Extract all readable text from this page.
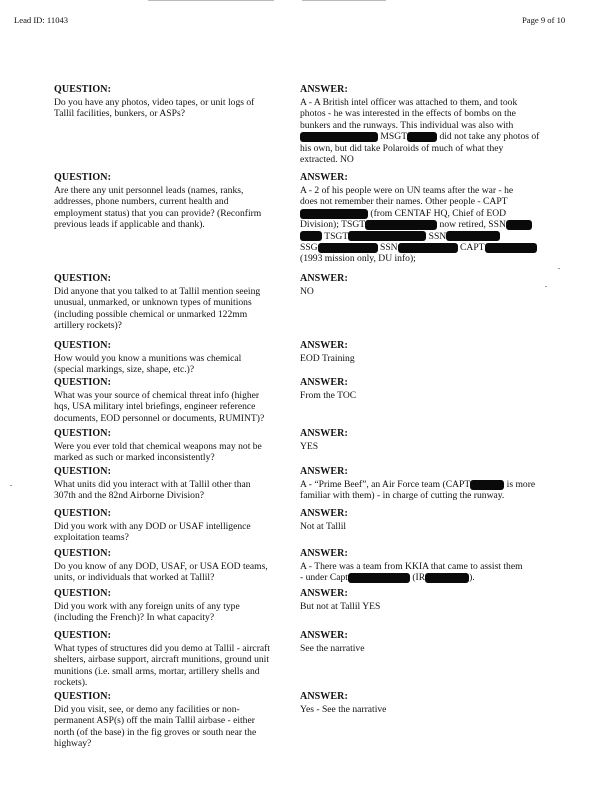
Lead ID: 11043	Page 9 of 10
QUESTION:
Do you have any photos, video tapes, or unit logs of
Tallil facilities, bunkers, or ASPs?
ANSWER:
A - A British intel officer was attached to them, and took
photos - he was interested in the effects of bombs on the
bunkers and the runways. This individual was also with
MSGT	did not take any photos of
his own, but did take Polaroids of much of what they
extracted. NO
QUESTION:
Are there any unit personnel leads (names, ranks,
addresses, phone numbers, current health and
employment status) that you can provide? (Reconfirm
previous leads if applicable and thank).
ANSWER:
A - 2 of his people were on UN teams after the war - he
does not remember their names. Other people - CAPT
(from CENTAF HQ, Chief of EOD
Division); TSGT	now retired, SSN
TSGT	SSN
SSG	SSN	CAPT
(1993 mission only, DU info);
QUESTION:
Did anyone that you talked to at Tallil mention seeing
unusual, unmarked, or unknown types of munitions
(including possible chemical or unmarked 122mm
artillery rockets)?
ANSWER:
NO
QUESTION:
How would you know a munitions was chemical
(special markings, size, shape, etc.)?
ANSWER:
EOD Training
QUESTION:
What was your source of chemical threat info (higher
hqs, USA military intel briefings, engineer reference
documents, EOD personnel or documents, RUMINT)?
ANSWER:
From the TOC
QUESTION:
Were you ever told that chemical weapons may not be
marked as such or marked inconsistently?
ANSWER:
YES
QUESTION:
What units did you interact with at Tallil other than
307th and the 82nd Airborne Division?
ANSWER:
A - “Prime Beef”, an Air Force team (CAPT	is more
familiar with them) - in charge of cutting the runway.
QUESTION:
Did you work with any DOD or USAF intelligence
exploitation teams?
ANSWER:
Not at Tallil
QUESTION:
Do you know of any DOD, USAF, or USA EOD teams,
units, or individuals that worked at Tallil?
ANSWER:
A - There was a team from KKIA that came to assist them
- under Capt	(IR	).
QUESTION:
Did you work with any foreign units of any type
(including the French)? In what capacity?
ANSWER:
But not at Tallil YES
QUESTION:
What types of structures did you demo at Tallil - aircraft
shelters, airbase support, aircraft munitions, ground unit
munitions (i.e. small arms, mortar, artillery shells and
rockets).
ANSWER:
See the narrative
QUESTION:
Did you visit, see, or demo any facilities or non-
permanent ASP(s) off the main Tallil airbase - either
north (of the base) in the fig groves or south near the
highway?
ANSWER:
Yes - See the narrative
